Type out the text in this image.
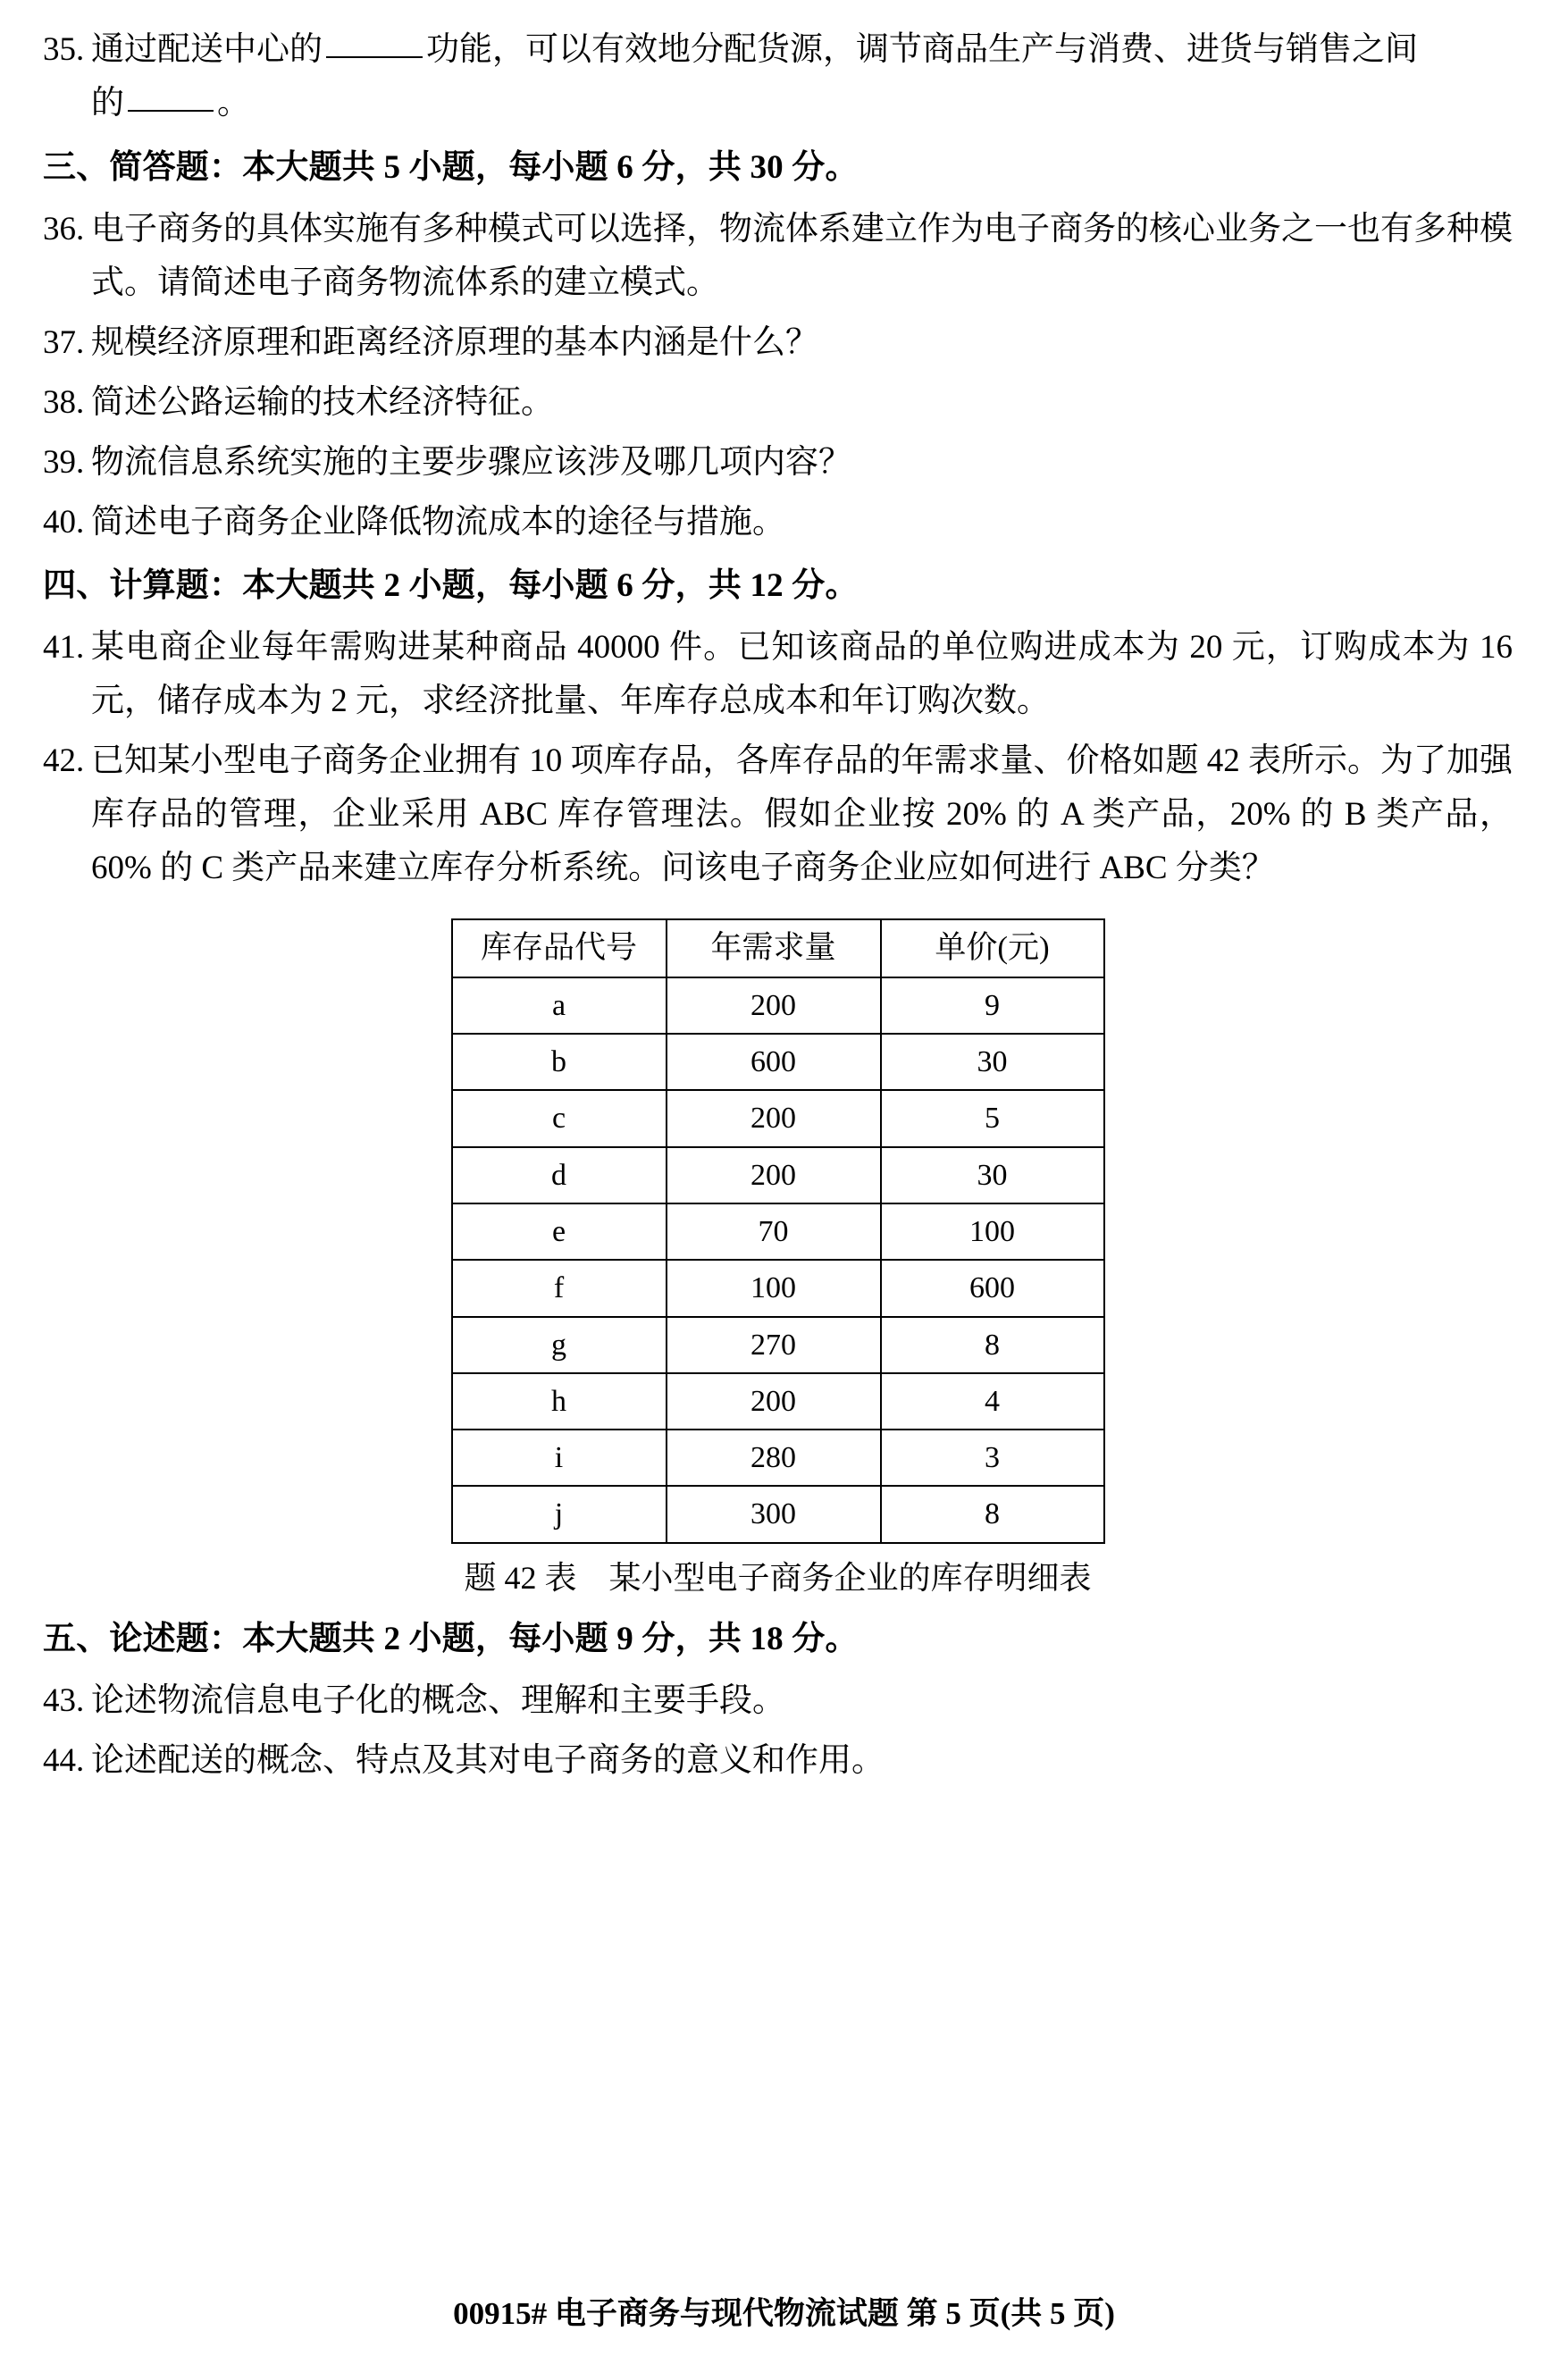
35. 通过配送中心的	功能，可以有效地分配货源，调节商品生产与消费、进货与销售之间
的	。
三、简答题：本大题共 5 小题，每小题 6 分，共 30 分。
36. 电子商务的具体实施有多种模式可以选择，物流体系建立作为电子商务的核心业务之一也有多种模式。请简述电子商务物流体系的建立模式。
37. 规模经济原理和距离经济原理的基本内涵是什么？
38. 简述公路运输的技术经济特征。
39. 物流信息系统实施的主要步骤应该涉及哪几项内容？
40. 简述电子商务企业降低物流成本的途径与措施。
四、计算题：本大题共 2 小题，每小题 6 分，共 12 分。
41. 某电商企业每年需购进某种商品 40000 件。已知该商品的单位购进成本为 20 元，订购成本为 16 元，储存成本为 2 元，求经济批量、年库存总成本和年订购次数。
42. 已知某小型电子商务企业拥有 10 项库存品，各库存品的年需求量、价格如题 42 表所示。为了加强库存品的管理，企业采用 ABC 库存管理法。假如企业按 20% 的 A 类产品，20% 的 B 类产品，60% 的 C 类产品来建立库存分析系统。问该电子商务企业应如何进行 ABC 分类？
库存品代号	年需求量	单价(元)
a	200	9
b	600	30
c	200	5
d	200	30
e	70	100
f	100	600
g	270	8
h	200	4
i	280	3
j	300	8
题 42 表　某小型电子商务企业的库存明细表
五、论述题：本大题共 2 小题，每小题 9 分，共 18 分。
43. 论述物流信息电子化的概念、理解和主要手段。
44. 论述配送的概念、特点及其对电子商务的意义和作用。
00915# 电子商务与现代物流试题 第 5 页(共 5 页)
